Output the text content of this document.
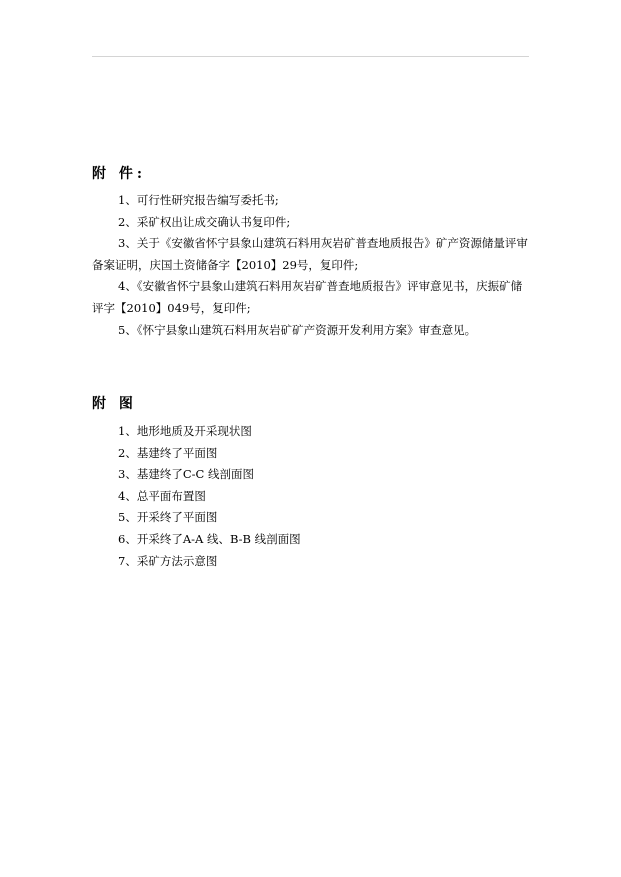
附 件:
1、可行性研究报告编写委托书;
2、采矿权出让成交确认书复印件;
3、关于《安徽省怀宁县象山建筑石料用灰岩矿普查地质报告》矿产资源储量评审备案证明，庆国土资储备字【2010】29号，复印件;
4、《安徽省怀宁县象山建筑石料用灰岩矿普查地质报告》评审意见书，庆振矿储评字【2010】049号，复印件;
5、《怀宁县象山建筑石料用灰岩矿矿产资源开发利用方案》审查意见。
附 图
1、地形地质及开采现状图
2、基建终了平面图
3、基建终了C-C 线剖面图
4、总平面布置图
5、开采终了平面图
6、开采终了A-A 线、B-B 线剖面图
7、采矿方法示意图
